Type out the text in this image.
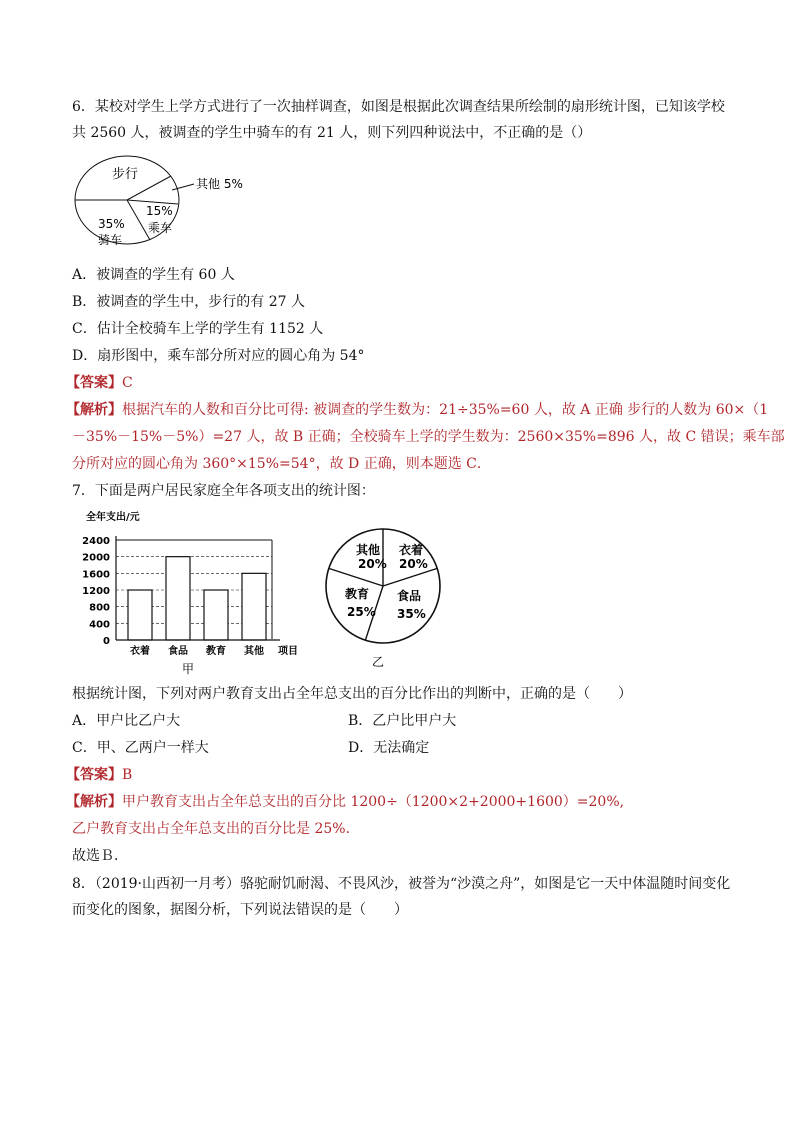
6．某校对学生上学方式进行了一次抽样调查，如图是根据此次调查结果所绘制的扇形统计图，已知该学校
共 2560 人，被调查的学生中骑车的有 21 人，则下列四种说法中，不正确的是（）
步行
其他 5%
15%
乘车
35%
骑车
A．被调查的学生有 60 人
B．被调查的学生中，步行的有 27 人
C．估计全校骑车上学的学生有 1152 人
D．扇形图中，乘车部分所对应的圆心角为 54°
【答案】C
【解析】根据汽车的人数和百分比可得: 被调查的学生数为：21÷35%=60 人，故 A 正确 步行的人数为 60×（1
－35%－15%－5%）=27 人，故 B 正确；全校骑车上学的学生数为：2560×35%=896 人，故 C 错误；乘车部
分所对应的圆心角为 360°×15%=54°，故 D 正确，则本题选 C．
7．下面是两户居民家庭全年各项支出的统计图：
全年支出/元
2400
2000
1600
1200
800
400
0
衣着 食品 教育 其他 项目
甲
其他
20%
衣着
20%
教育
25%
食品
35%
乙
根据统计图，下列对两户教育支出占全年总支出的百分比作出的判断中，正确的是（　　）
A．甲户比乙户大	B．乙户比甲户大
C．甲、乙两户一样大	D．无法确定
【答案】B
【解析】甲户教育支出占全年总支出的百分比 1200÷（1200×2+2000+1600）=20%,
乙户教育支出占全年总支出的百分比是 25%．
故选Ｂ．
8．（2019·山西初一月考）骆驼耐饥耐渴、不畏风沙，被誉为“沙漠之舟”，如图是它一天中体温随时间变化
而变化的图象，据图分析，下列说法错误的是（　　）
